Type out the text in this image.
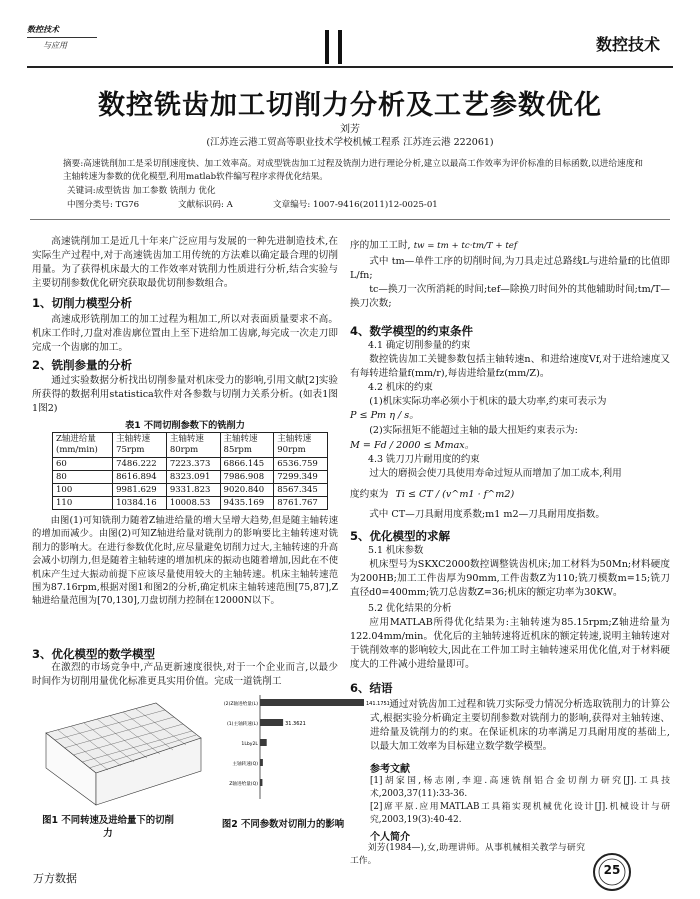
数控技术
与应用	数控技术
数控铣齿加工切削力分析及工艺参数优化
刘芳
(江苏连云港工贸高等职业技术学校机械工程系 江苏连云港 222061)

摘要:高速铣削加工是采切削速度快、加工效率高。对成型铣齿加工过程及铣削力进行理论分析,建立以最高工作效率为评价标准的目标函数,以进给速度和主轴转速为参数的优化模型,利用matlab软件编写程序求得优化结果。

关键词:成型铣齿 加工参数 铣削力 优化
中图分类号: TG76	文献标识码: A	文章编号: 1007-9416(2011)12-0025-01

高速铣削加工是近几十年来广泛应用与发展的一种先进制造技术,在实际生产过程中,对于高速铣齿加工用传统的方法难以确定最合理的切削用量。为了获得机床最大的工作效率对铣削力性质进行分析,结合实验与主要切削参数优化研究获取最优切削参数组合。

1、切削力模型分析

高速成形铣削加工的加工过程为粗加工,所以对表面质量要求不高。机床工作时,刀盘对准齿廓位置由上至下进给加工齿廓,每完成一次走刀即完成一个齿廓的加工。

2、铣削参量的分析

通过实验数据分析找出切削参量对机床受力的影响,引用文献[2]实验所获得的数据利用statistica软件对各参数与切削力关系分析。(如表1图1图2)

表1 不同切削参数下的铣削力
Z轴进给量(mm/min)	主轴转速75rpm	主轴转速80rpm	主轴转速85rpm	主轴转速90rpm
60	7486.222	7223.373	6866.145	6536.759
80	8616.894	8323.091	7986.908	7299.349
100	9981.629	9331.823	9020.840	8567.345
110	10384.16	10008.53	9435.169	8761.767

由图(1)可知铣削力随着Z轴进给量的增大呈增大趋势,但是随主轴转速的增加而减少。由图(2)可知Z轴进给量对铣削力的影响要比主轴转速对铣削力的影响大。在进行参数优化时,应尽量避免切削力过大,主轴转速的升高会减小切削力,但是随着主轴转速的增加机床的振动也随着增加,因此在不使机床产生过大振动前提下应该尽量使用较大的主轴转速。机床主轴转速范围为87.16rpm,根据对图1和图2的分析,确定机床主轴转速范围[75,87],Z轴进给量范围为[70,130],刀盘切削力控制在12000N以下。

3、优化模型的数学模型

在激烈的市场竞争中,产品更新速度很快,对于一个企业而言,以最少时间作为切削用量优化标准更具实用价值。完成一道铣削工

图1 不同转速及进给量下的切削力
序的加工工时, tw = tm + tc·tm/T + tef

式中 tm—单件工序的切削时间,为刀具走过总路线L与进给量f的比值即L/fn;

tc—换刀一次所消耗的时间;tef—除换刀时间外的其他辅助时间;tm/T—换刀次数;

4、数学模型的约束条件
4.1 确定切削参量的约束

数控铣齿加工关键参数包括主轴转速n、和进给速度Vf,对于进给速度又有每转进给量f(mm/r),每齿进给量fz(mm/Z)。

4.2 机床的约束

(1)机床实际功率必须小于机床的最大功率,约束可表示为

P ≤ Pm η / s。

(2)实际扭矩不能超过主轴的最大扭矩约束表示为:

M = Fd / 2000 ≤ Mmax。
4.3 铣刀刀片耐用度的约束

过大的磨损会使刀具使用寿命过短从而增加了加工成本,利用

度约束为 Ti ≤ CT / (v^m1 · f^m2)

式中 CT—刀具耐用度系数;m1 m2—刀具耐用度指数。

5、优化模型的求解
5.1 机床参数

机床型号为SKXC2000数控调整铣齿机床;加工材料为50Mn;材料硬度为200HB;加工工件齿厚为90mm,工件齿数Z为110;铣刀模数m=15;铣刀直径d0=400mm;铣刀总齿数Z=36;机床的额定功率为30KW。

5.2 优化结果的分析

应用MATLAB所得优化结果为:主轴转速为85.15rpm;Z轴进给量为122.04mm/min。优化后的主轴转速将近机床的额定转速,说明主轴转速对于铣削效率的影响较大,因此在工件加工时主轴转速采用优化值,对于材料硬度大的工件减小进给量即可。

6、结语

通过对铣齿加工过程和铣刀实际受力情况分析选取铣削力的计算公式,根据实验分析确定主要切削参数对铣削力的影响,获得对主轴转速、进给量及铣削力的约束。在保证机床的功率满足刀具耐用度的基础上,以最大加工效率为目标建立数学数学模型。

参考文献

[1]胡家国,杨志刚,李迎.高速铣削铝合金切削力研究[J].工具技术,2003,37(11):33-36.

[2]席平原.应用MATLAB工具箱实现机械优化设计[J].机械设计与研究,2003,19(3):40-42.

个人简介

刘芳(1984—),女,助理讲师。从事机械相关教学与研究工作。

(2)Z轴进给量(L)	141.1751
(1)主轴转速(L)	31.3621
1Lby2L
主轴转速(Q)
Z轴进给量(Q)
图2 不同参数对切削力的影响
万方数据
25
